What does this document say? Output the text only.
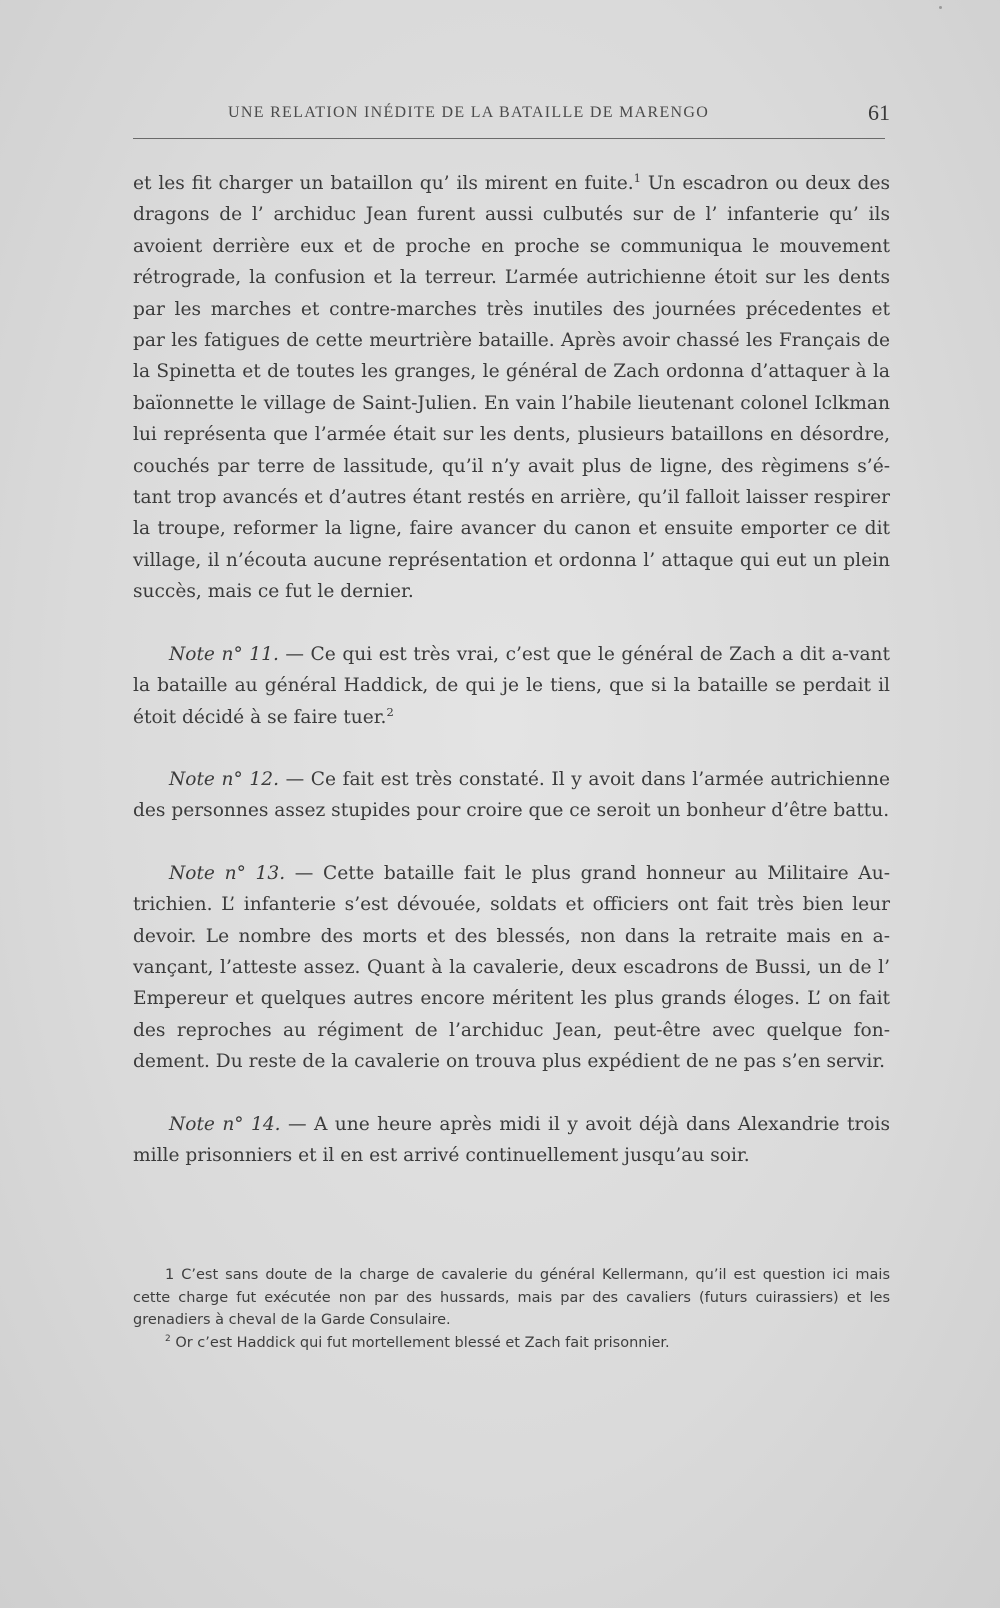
UNE RELATION INÉDITE DE LA BATAILLE DE MARENGO	61

et les fit charger un bataillon qu’ ils mirent en fuite.$^1$ Un escadron ou deux des dragons de l’ archiduc Jean furent aussi culbutés sur de l’ infanterie qu’ ils avoient derrière eux et de proche en proche se communiqua le mouvement rétrograde, la confusion et la terreur. L’armée autrichienne étoit sur les dents par les marches et contre-marches très inutiles des journées précedentes et par les fatigues de cette meurtrière bataille. Après avoir chassé les Français de la Spinetta et de toutes les granges, le général de Zach ordonna d’attaquer à la baïonnette le village de Saint-Julien. En vain l’habile lieutenant colonel Iclkman lui représenta que l’armée était sur les dents, plusieurs bataillons en désordre, couchés par terre de lassitude, qu’il n’y avait plus de ligne, des règimens s’é-tant trop avancés et d’autres étant restés en arrière, qu’il falloit laisser respirer la troupe, reformer la ligne, faire avancer du canon et ensuite emporter ce dit village, il n’écouta aucune représentation et ordonna l’ attaque qui eut un plein succès, mais ce fut le dernier.

Note n° 11. — Ce qui est très vrai, c’est que le général de Zach a dit a-vant la bataille au général Haddick, de qui je le tiens, que si la bataille se perdait il étoit décidé à se faire tuer.$^2$

Note n° 12. — Ce fait est très constaté. Il y avoit dans l’armée autrichienne des personnes assez stupides pour croire que ce seroit un bonheur d’être battu.

Note n° 13. — Cette bataille fait le plus grand honneur au Militaire Au-trichien. L’ infanterie s’est dévouée, soldats et officiers ont fait très bien leur devoir. Le nombre des morts et des blessés, non dans la retraite mais en a-vançant, l’atteste assez. Quant à la cavalerie, deux escadrons de Bussi, un de l’ Empereur et quelques autres encore méritent les plus grands éloges. L’ on fait des reproches au régiment de l’archiduc Jean, peut-être avec quelque fon-dement. Du reste de la cavalerie on trouva plus expédient de ne pas s’en servir.

Note n° 14. — A une heure après midi il y avoit déjà dans Alexandrie trois mille prisonniers et il en est arrivé continuellement jusqu’au soir.

1 C’est sans doute de la charge de cavalerie du général Kellermann, qu’il est question ici mais cette charge fut exécutée non par des hussards, mais par des cavaliers (futurs cuirassiers) et les grenadiers à cheval de la Garde Consulaire.

$^2$ Or c’est Haddick qui fut mortellement blessé et Zach fait prisonnier.
